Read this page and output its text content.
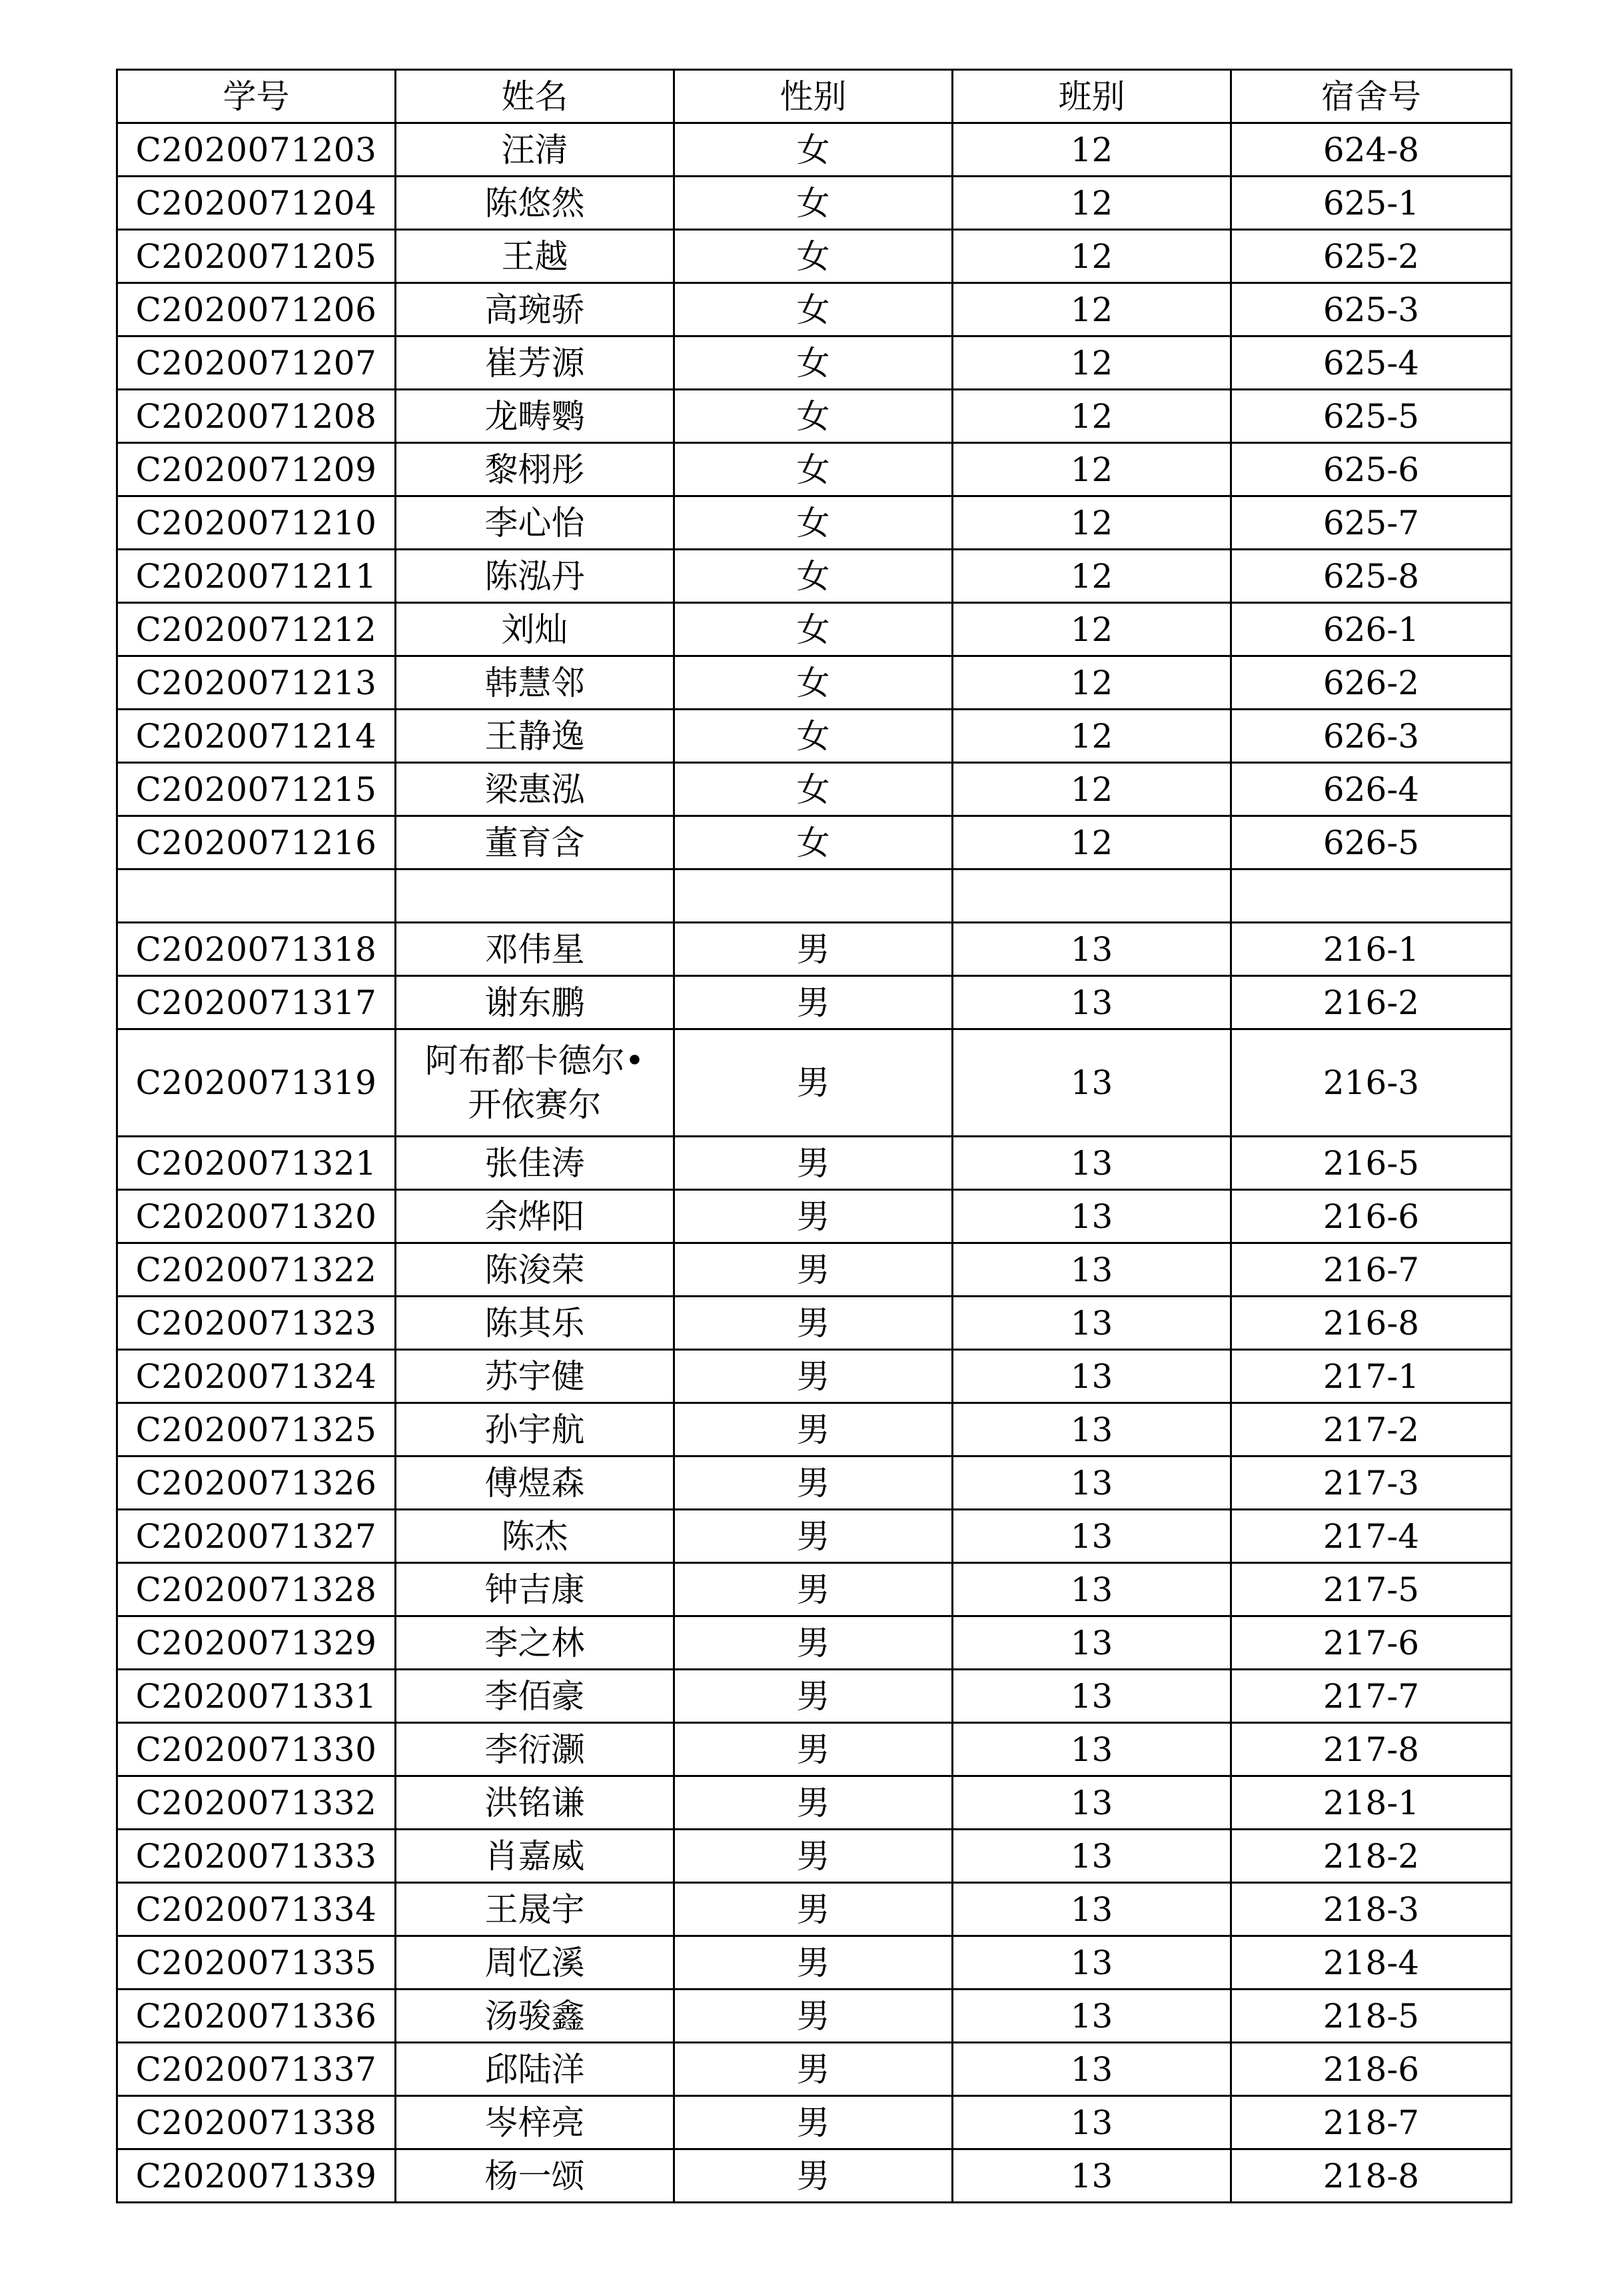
学号	姓名	性别	班别	宿舍号
C2020071203	汪清	女	12	624-8
C2020071204	陈悠然	女	12	625-1
C2020071205	王越	女	12	625-2
C2020071206	高琬骄	女	12	625-3
C2020071207	崔芳源	女	12	625-4
C2020071208	龙畴鹦	女	12	625-5
C2020071209	黎栩彤	女	12	625-6
C2020071210	李心怡	女	12	625-7
C2020071211	陈泓丹	女	12	625-8
C2020071212	刘灿	女	12	626-1
C2020071213	韩慧邻	女	12	626-2
C2020071214	王静逸	女	12	626-3
C2020071215	梁惠泓	女	12	626-4
C2020071216	董育含	女	12	626-5

C2020071318	邓伟星	男	13	216-1
C2020071317	谢东鹏	男	13	216-2
C2020071319	阿布都卡德尔•开依赛尔	男	13	216-3
C2020071321	张佳涛	男	13	216-5
C2020071320	余烨阳	男	13	216-6
C2020071322	陈浚荣	男	13	216-7
C2020071323	陈其乐	男	13	216-8
C2020071324	苏宇健	男	13	217-1
C2020071325	孙宇航	男	13	217-2
C2020071326	傅煜森	男	13	217-3
C2020071327	陈杰	男	13	217-4
C2020071328	钟吉康	男	13	217-5
C2020071329	李之林	男	13	217-6
C2020071331	李佰豪	男	13	217-7
C2020071330	李衍灏	男	13	217-8
C2020071332	洪铭谦	男	13	218-1
C2020071333	肖嘉威	男	13	218-2
C2020071334	王晟宇	男	13	218-3
C2020071335	周忆溪	男	13	218-4
C2020071336	汤骏鑫	男	13	218-5
C2020071337	邱陆洋	男	13	218-6
C2020071338	岑梓亮	男	13	218-7
C2020071339	杨一颂	男	13	218-8
